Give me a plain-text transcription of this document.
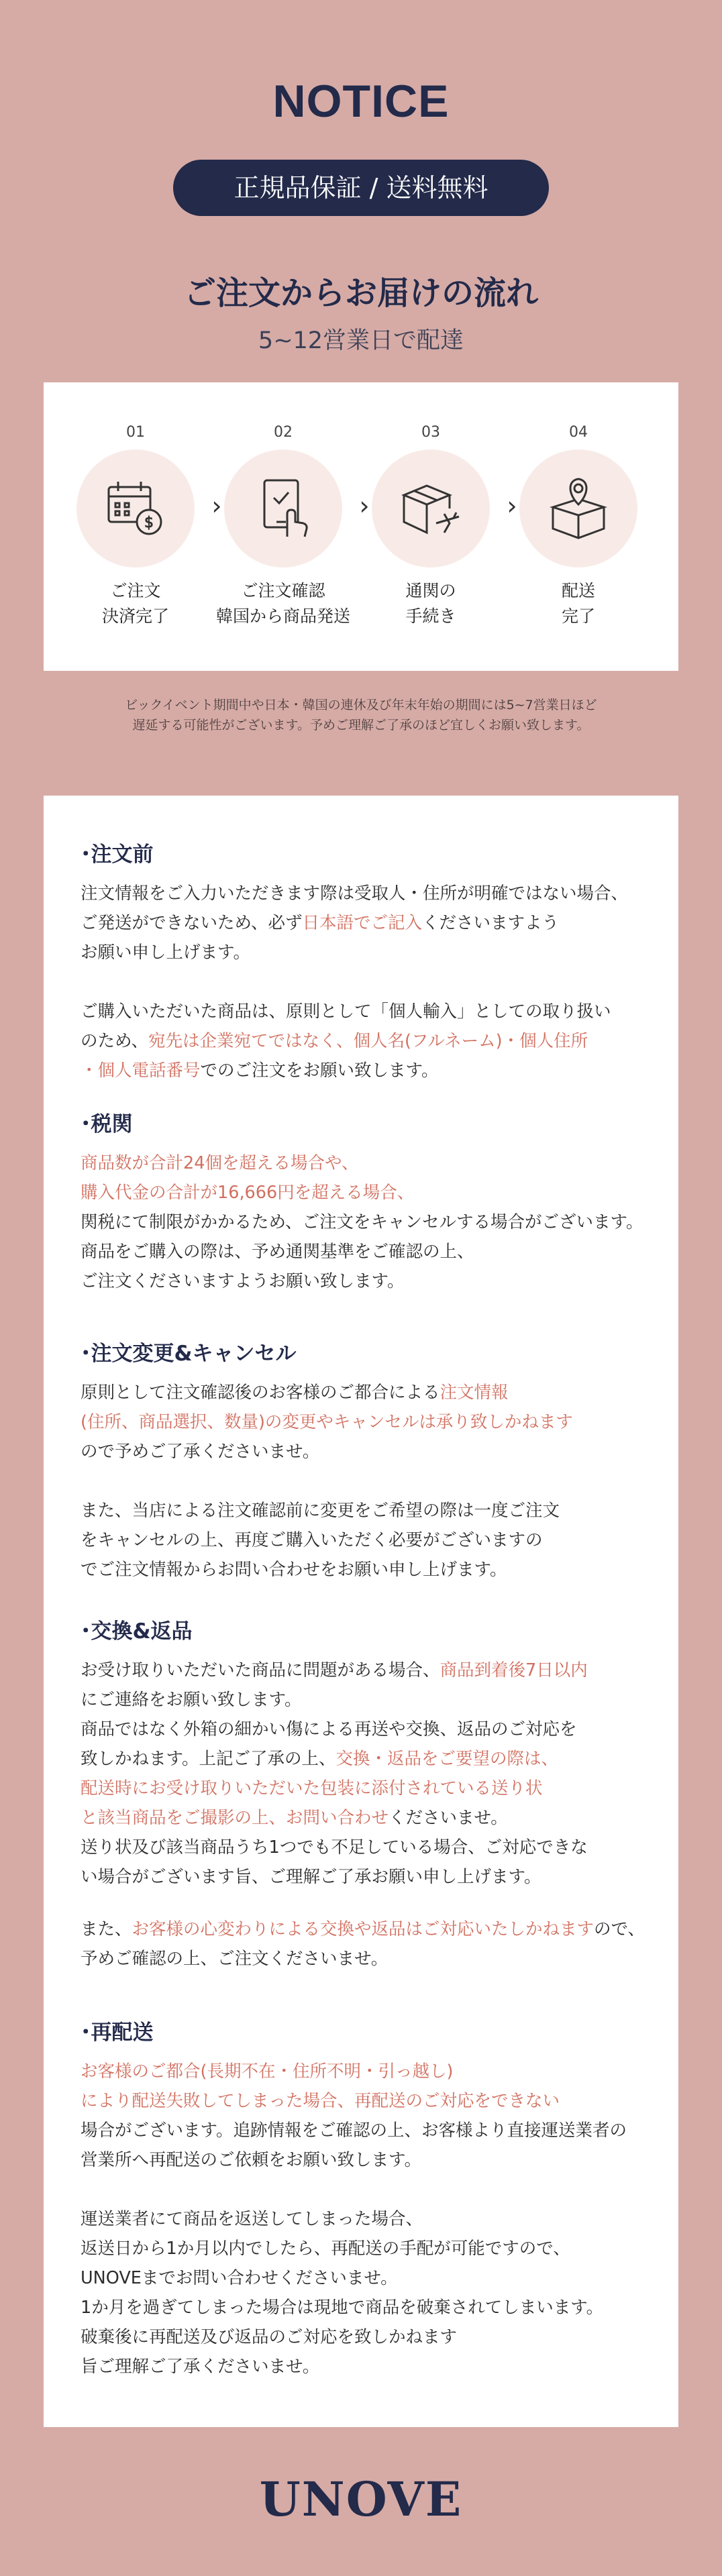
NOTICE
正規品保証 / 送料無料
ご注文からお届けの流れ
5~12営業日で配達
01
$
ご注文
決済完了
›
02
ご注文確認
韓国から商品発送
›
03
通関の
手続き
›
04
配送
完了
ビックイベント期間中や日本・韓国の連休及び年末年始の期間には5~7営業日ほど
遅延する可能性がございます。予めご理解ご了承のほど宜しくお願い致します。
･注文前
注文情報をご入力いただきます際は受取人・住所が明確ではない場合、
ご発送ができないため、必ず日本語でご記入くださいますよう
お願い申し上げます。
ご購入いただいた商品は、原則として「個人輸入」としての取り扱い
のため、宛先は企業宛てではなく、個人名(フルネーム)・個人住所
・個人電話番号でのご注文をお願い致します。
･税関
商品数が合計24個を超える場合や、
購入代金の合計が16,666円を超える場合、
関税にて制限がかかるため、ご注文をキャンセルする場合がございます。
商品をご購入の際は、予め通関基準をご確認の上、
ご注文くださいますようお願い致します。
･注文変更&キャンセル
原則として注文確認後のお客様のご都合による注文情報
(住所、商品選択、数量)の変更やキャンセルは承り致しかねます
ので予めご了承くださいませ。
また、当店による注文確認前に変更をご希望の際は一度ご注文
をキャンセルの上、再度ご購入いただく必要がございますの
でご注文情報からお問い合わせをお願い申し上げます。
･交換&返品
お受け取りいただいた商品に問題がある場合、商品到着後7日以内
にご連絡をお願い致します。
商品ではなく外箱の細かい傷による再送や交換、返品のご対応を
致しかねます。上記ご了承の上、交換・返品をご要望の際は、
配送時にお受け取りいただいた包装に添付されている送り状
と該当商品をご撮影の上、お問い合わせくださいませ。
送り状及び該当商品うち1つでも不足している場合、ご対応できな
い場合がございます旨、ご理解ご了承お願い申し上げます。
また、お客様の心変わりによる交換や返品はご対応いたしかねますので、
予めご確認の上、ご注文くださいませ。
･再配送
お客様のご都合(長期不在・住所不明・引っ越し)
により配送失敗してしまった場合、再配送のご対応をできない
場合がございます。追跡情報をご確認の上、お客様より直接運送業者の
営業所へ再配送のご依頼をお願い致します。
運送業者にて商品を返送してしまった場合、
返送日から1か月以内でしたら、再配送の手配が可能ですので、
UNOVEまでお問い合わせくださいませ。
1か月を過ぎてしまった場合は現地で商品を破棄されてしまいます。
破棄後に再配送及び返品のご対応を致しかねます
旨ご理解ご了承くださいませ。
UNOVE
